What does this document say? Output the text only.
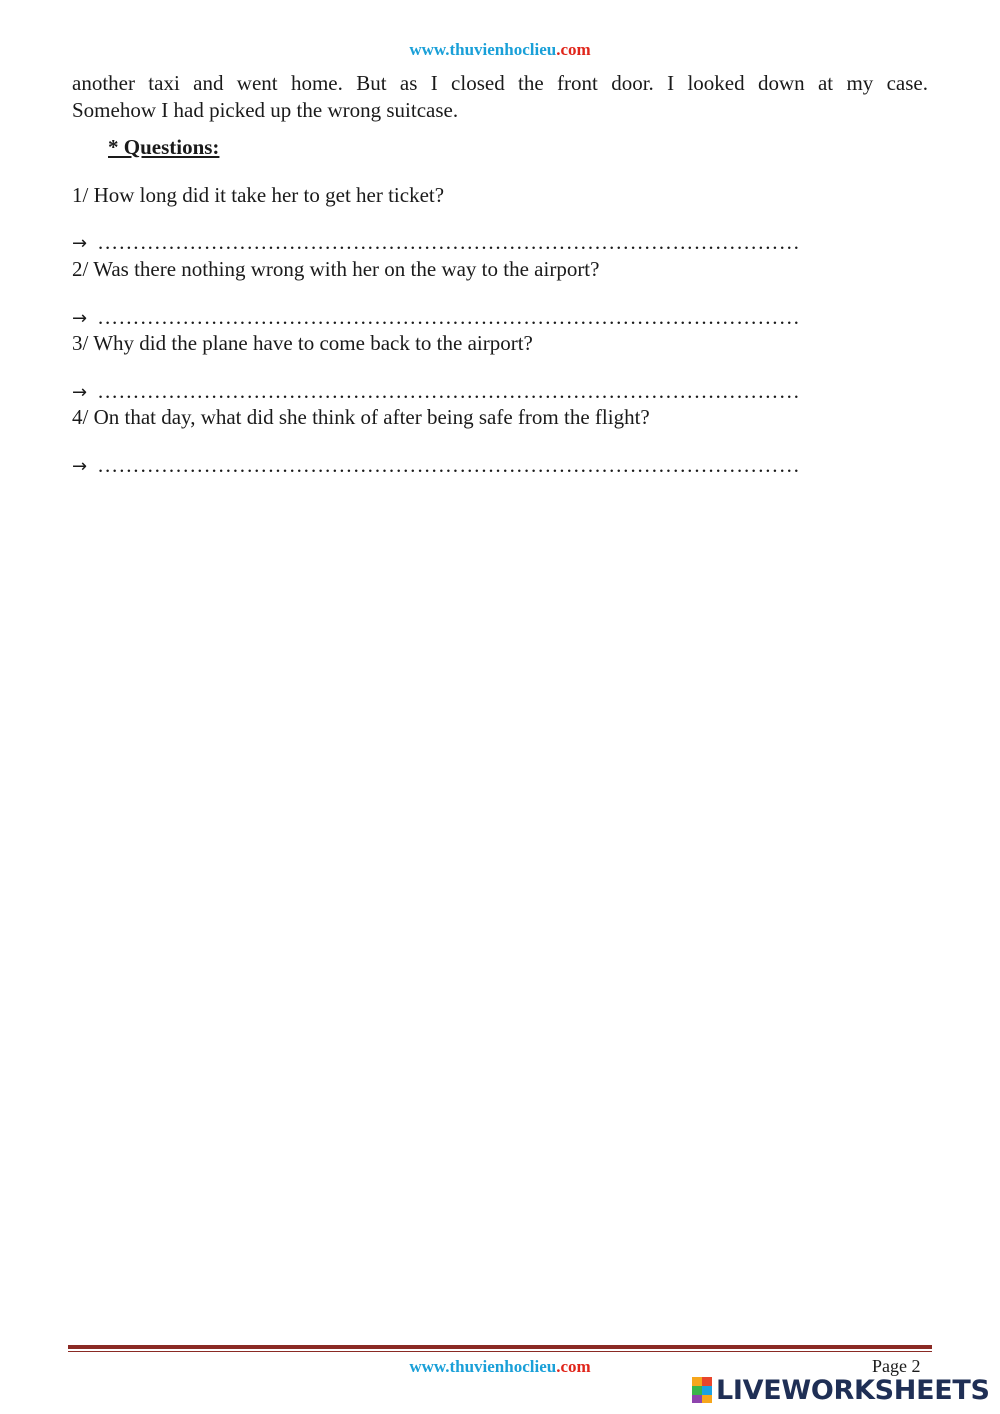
www.thuvienhoclieu.com
another taxi and went home. But as I closed the front door. I looked down at my case.
Somehow I had picked up the wrong suitcase.
* Questions:
1/ How long did it take her to get her ticket?
→ ………………………………………………………………………………………
2/ Was there nothing wrong with her on the way to the airport?
→ ………………………………………………………………………………………
3/ Why did the plane have to come back to the airport?
→ ………………………………………………………………………………………
4/ On that day, what did she think of after being safe from the flight?
→ ………………………………………………………………………………………
www.thuvienhoclieu.com	Page 2
LIVEWORKSHEETS
